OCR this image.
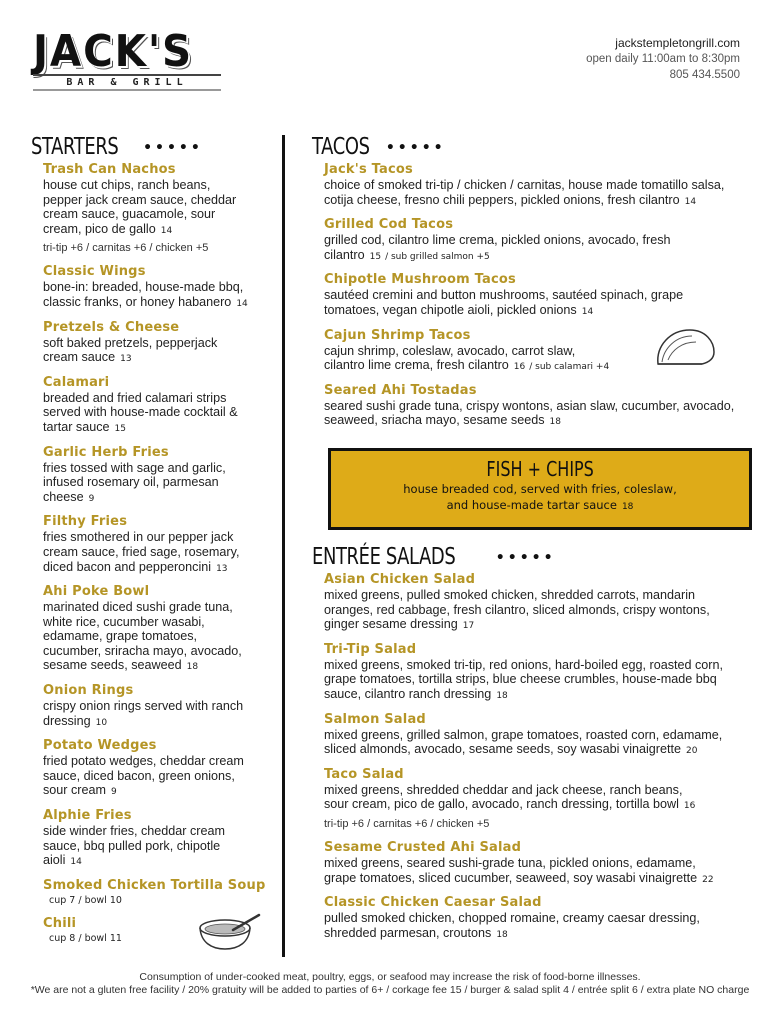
JACK'S
BAR & GRILL
jackstempletongrill.com
open daily 11:00am to 8:30pm
805 434.5500
STARTERS •••••
Trash Can Nachos
house cut chips, ranch beans,
pepper jack cream sauce, cheddar
cream sauce, guacamole, sour
cream, pico de gallo 14
tri-tip +6 / carnitas +6 / chicken +5
Classic Wings
bone-in: breaded, house-made bbq,
classic franks, or honey habanero 14
Pretzels & Cheese
soft baked pretzels, pepperjack
cream sauce 13
Calamari
breaded and fried calamari strips
served with house-made cocktail &
tartar sauce 15
Garlic Herb Fries
fries tossed with sage and garlic,
infused rosemary oil, parmesan
cheese 9
Filthy Fries
fries smothered in our pepper jack
cream sauce, fried sage, rosemary,
diced bacon and pepperoncini 13
Ahi Poke Bowl
marinated diced sushi grade tuna,
white rice, cucumber wasabi,
edamame, grape tomatoes,
cucumber, sriracha mayo, avocado,
sesame seeds, seaweed 18
Onion Rings
crispy onion rings served with ranch
dressing 10
Potato Wedges
fried potato wedges, cheddar cream
sauce, diced bacon, green onions,
sour cream 9
Alphie Fries
side winder fries, cheddar cream
sauce, bbq pulled pork, chipotle
aioli 14
Smoked Chicken Tortilla Soup
cup 7 / bowl 10
Chili
cup 8 / bowl 11
TACOS •••••
Jack's Tacos
choice of smoked tri-tip / chicken / carnitas, house made tomatillo salsa,
cotija cheese, fresno chili peppers, pickled onions, fresh cilantro 14
Grilled Cod Tacos
grilled cod, cilantro lime crema, pickled onions, avocado, fresh
cilantro 15 / sub grilled salmon +5
Chipotle Mushroom Tacos
sautéed cremini and button mushrooms, sautéed spinach, grape
tomatoes, vegan chipotle aioli, pickled onions 14
Cajun Shrimp Tacos
cajun shrimp, coleslaw, avocado, carrot slaw,
cilantro lime crema, fresh cilantro 16 / sub calamari +4
Seared Ahi Tostadas
seared sushi grade tuna, crispy wontons, asian slaw, cucumber, avocado,
seaweed, sriacha mayo, sesame seeds 18
FISH + CHIPS
house breaded cod, served with fries, coleslaw,
and house-made tartar sauce 18
ENTRÉE SALADS	•••••
Asian Chicken Salad
mixed greens, pulled smoked chicken, shredded carrots, mandarin
oranges, red cabbage, fresh cilantro, sliced almonds, crispy wontons,
ginger sesame dressing 17
Tri-Tip Salad
mixed greens, smoked tri-tip, red onions, hard-boiled egg, roasted corn,
grape tomatoes, tortilla strips, blue cheese crumbles, house-made bbq
sauce, cilantro ranch dressing 18
Salmon Salad
mixed greens, grilled salmon, grape tomatoes, roasted corn, edamame,
sliced almonds, avocado, sesame seeds, soy wasabi vinaigrette 20
Taco Salad
mixed greens, shredded cheddar and jack cheese, ranch beans,
sour cream, pico de gallo, avocado, ranch dressing, tortilla bowl 16
tri-tip +6 / carnitas +6 / chicken +5
Sesame Crusted Ahi Salad
mixed greens, seared sushi-grade tuna, pickled onions, edamame,
grape tomatoes, sliced cucumber, seaweed, soy wasabi vinaigrette 22
Classic Chicken Caesar Salad
pulled smoked chicken, chopped romaine, creamy caesar dressing,
shredded parmesan, croutons 18
Consumption of under-cooked meat, poultry, eggs, or seafood may increase the risk of food-borne illnesses.
*We are not a gluten free facility / 20% gratuity will be added to parties of 6+ / corkage fee 15 / burger & salad split 4 / entrée split 6 / extra plate NO charge
